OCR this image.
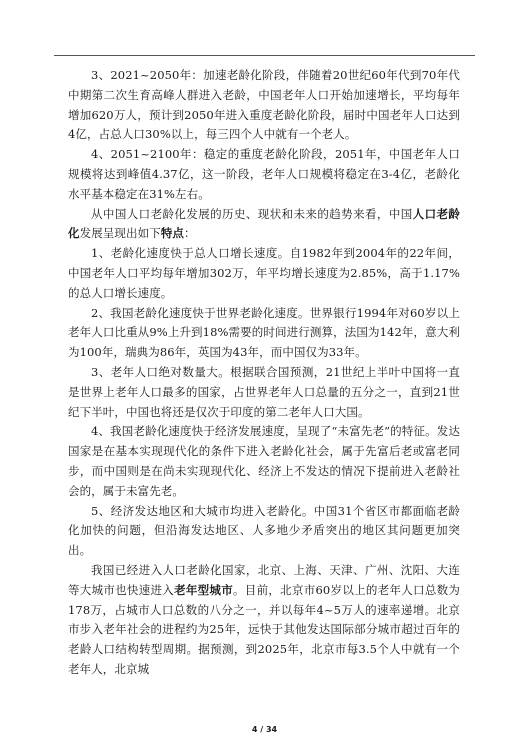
3、2021~2050年：加速老龄化阶段，伴随着20世纪60年代到70年代中期第二次生育高峰人群进入老龄，中国老年人口开始加速增长，平均每年增加620万人，预计到2050年进入重度老龄化阶段，届时中国老年人口达到4亿，占总人口30%以上，每三四个人中就有一个老人。

4、2051~2100年：稳定的重度老龄化阶段，2051年，中国老年人口规模将达到峰值4.37亿，这一阶段，老年人口规模将稳定在3-4亿，老龄化水平基本稳定在31%左右。

从中国人口老龄化发展的历史、现状和未来的趋势来看，中国人口老龄化发展呈现出如下特点：

1、老龄化速度快于总人口增长速度。自1982年到2004年的22年间，中国老年人口平均每年增加302万，年平均增长速度为2.85%，高于1.17%的总人口增长速度。

2、我国老龄化速度快于世界老龄化速度。世界银行1994年对60岁以上老年人口比重从9%上升到18%需要的时间进行测算，法国为142年，意大利为100年，瑞典为86年，英国为43年，而中国仅为33年。

3、老年人口绝对数量大。根据联合国预测，21世纪上半叶中国将一直是世界上老年人口最多的国家，占世界老年人口总量的五分之一，直到21世纪下半叶，中国也将还是仅次于印度的第二老年人口大国。

4、我国老龄化速度快于经济发展速度，呈现了“未富先老”的特征。发达国家是在基本实现现代化的条件下进入老龄化社会，属于先富后老或富老同步，而中国则是在尚未实现现代化、经济上不发达的情况下提前进入老龄社会的，属于未富先老。

5、经济发达地区和大城市均进入老龄化。中国31个省区市都面临老龄化加快的问题，但沿海发达地区、人多地少矛盾突出的地区其问题更加突出。

我国已经进入人口老龄化国家，北京、上海、天津、广州、沈阳、大连等大城市也快速进入老年型城市。目前，北京市60岁以上的老年人口总数为178万，占城市人口总数的八分之一，并以每年4~5万人的速率递增。北京市步入老年社会的进程约为25年，远快于其他发达国际部分城市超过百年的老龄人口结构转型周期。据预测，到2025年，北京市每3.5个人中就有一个老年人，北京城

4 / 34
